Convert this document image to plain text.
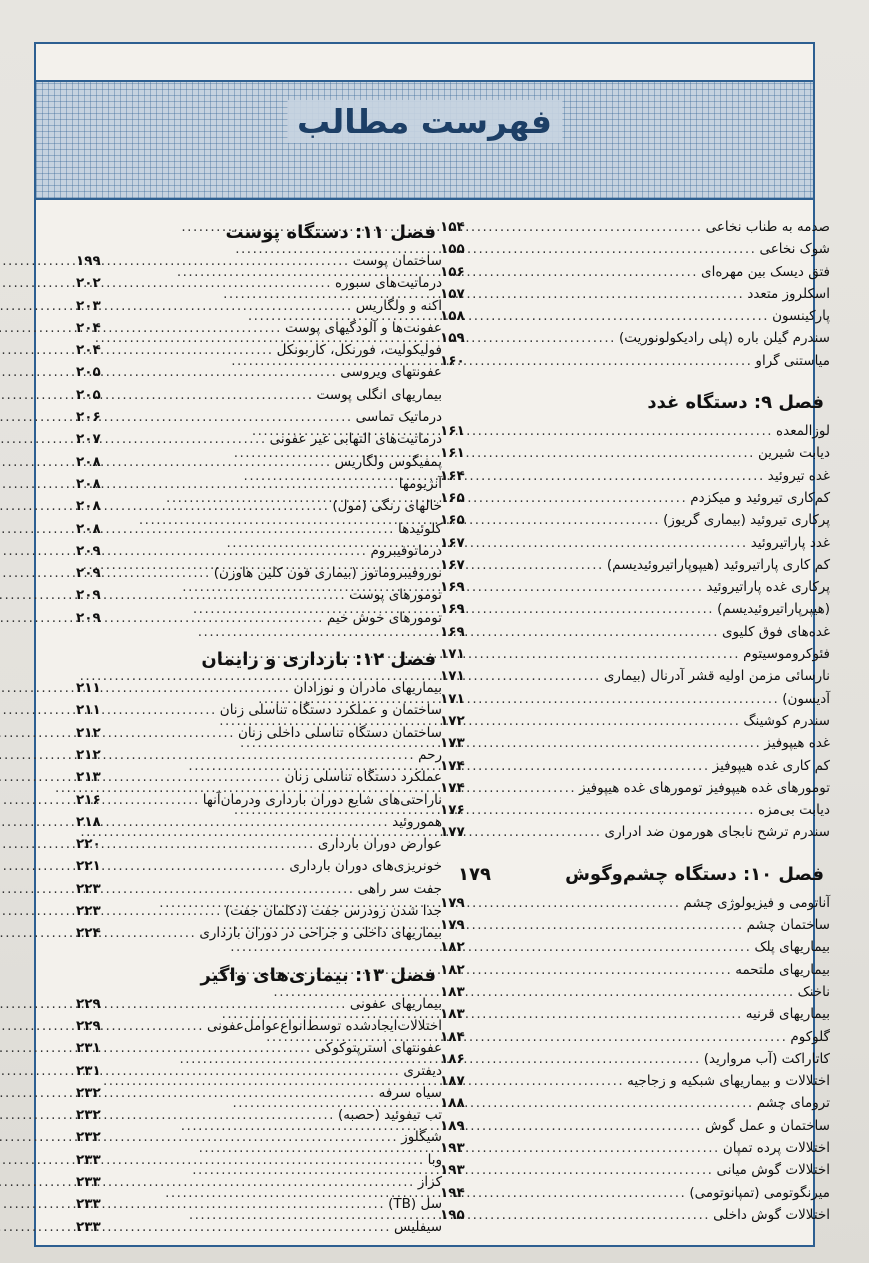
فهرست مطالب
صدمه به طناب نخاعی
.....
۱۵۴
شوک نخاعی
.....
۱۵۵
فتق دیسک بین مهره‌ای
.....
۱۵۶
اسکلروز متعدد
.....
۱۵۷
پارکینسون
.....
۱۵۸
سندرم گیلن باره (پلی رادیکولونوریت)
.....
۱۵۹
میاستنی گراو
.....
۱۶۰
فصل ۹: دستگاه غدد
لوزالمعده
.....
۱۶۱
دیابت شیرین
.....
۱۶۱
غده تیروئید
.....
۱۶۴
کم‌کاری تیروئید و میکزدم
.....
۱۶۵
پرکاری تیروئید (بیماری گریوز)
.....
۱۶۵
غدد پاراتیروئید
.....
۱۶۷
کم کاری پاراتیروئید (هیپوپاراتیروئیدیسم)
.....
۱۶۷
پرکاری غده پاراتیروئید
.....
۱۶۹
(هیپرپاراتیروئیدیسم)
.....
۱۶۹
غده‌های فوق کلیوی
.....
۱۶۹
فئوکروموسیتوم
.....
۱۷۱
نارسائی مزمن اولیه قشر آدرنال (بیماری
.....
۱۷۱
آدیسون)
.....
۱۷۱
سندرم کوشینگ
.....
۱۷۲
غده هیپوفیز
.....
۱۷۳
کم کاری غده هیپوفیز
.....
۱۷۴
تومورهای غده هیپوفیز تومورهای غده هیپوفیز
.....
۱۷۴
دیابت بی‌مزه
.....
۱۷۶
سندرم ترشح نابجای هورمون ضد ادراری
.....
۱۷۷
فصل ۱۰: دستگاه چشم‌وگوش
۱۷۹
آناتومی و فیزیولوژی چشم
.....
۱۷۹
ساختمان چشم
.....
۱۷۹
بیماریهای پلک
.....
۱۸۲
بیماریهای ملتحمه
.....
۱۸۲
ناخنک
.....
۱۸۳
بیماریهای قرنیه
.....
۱۸۳
گلوکوم
.....
۱۸۴
کاتاراکت (آب مروارید)
.....
۱۸۶
اختلالات و بیماریهای شبکیه و زجاجیه
.....
۱۸۷
ترومای چشم
.....
۱۸۸
ساختمان و عمل گوش
.....
۱۸۹
اختلالات پرده تمپان
.....
۱۹۳
اختلالات گوش میانی
.....
۱۹۳
میرنگوتومی (تمپانوتومی)
.....
۱۹۴
اختلالات گوش داخلی
.....
۱۹۵
فصل ۱۱: دستگاه پوست
ساختمان پوست
.....
۱۹۹
درماتیت‌های سبوره
.....
۲۰۲
اکنه و ولگاریس
.....
۲۰۳
عفونت‌ها و آلودگیهای پوست
.....
۲۰۴
فولیکولیت، فورنکل، کاربونکل
.....
۲۰۴
عفونتهای ویروسی
.....
۲۰۵
بیماریهای انگلی پوست
.....
۲۰۵
درماتیک تماسی
.....
۲۰۶
درماتیت‌های التهابی غیر عفونی
.....
۲۰۷
پمفیگوس ولگاریس
.....
۲۰۸
آنژیومها
.....
۲۰۸
خالهای رنگی (مول)
.....
۲۰۸
کلوئیدها
.....
۲۰۸
درماتوفیبروم
.....
۲۰۹
نوروفیبروماتوز (بیماری فون کلین هاوزن)
.....
۲۰۹
تومورهای پوست
.....
۲۰۹
تومورهای خوش خیم
.....
۲۰۹
فصل ۱۲: بارداری و زایمان
بیماریهای مادران و نوزادان
.....
۲۱۱
ساختمان و عملکرد دستگاه تناسلی زنان
.....
۲۱۱
ساختمان دستگاه تناسلی داخلی زنان
.....
۲۱۲
رحم
.....
۲۱۲
عملکرد دستگاه تناسلی زنان
.....
۲۱۳
ناراحتی‌های شایع دوران بارداری ودرمان‌آنها
.....
۲۱۶
هموروئید
.....
۲۱۸
عوارض دوران بارداری
.....
۲۲۰
خونریزی‌های دوران بارداری
.....
۲۲۱
جفت سر راهی
.....
۲۲۳
جدا شدن زودرس جفت (دکلمان جفت)
.....
۲۲۳
بیماریهای داخلی و جراحی در دوران بارداری
.....
۲۲۴
فصل ۱۳: بیماری‌های واگیر
بیماریهای عفونی
.....
۲۲۹
اختلالات‌ایجادشده توسط‌انواع‌عوامل‌عفونی
.....
۲۲۹
عفونتهای استرپتوکوکی
.....
۲۳۱
دیفتری
.....
۲۳۱
سیاه سرفه
.....
۲۳۲
تب تیفوئید (حصبه)
.....
۲۳۲
شیگلوز
.....
۲۳۲
وبا
.....
۲۳۳
کزاز
.....
۲۳۳
سل (TB)
.....
۲۳۳
سیفلیس
.....
۲۳۳
